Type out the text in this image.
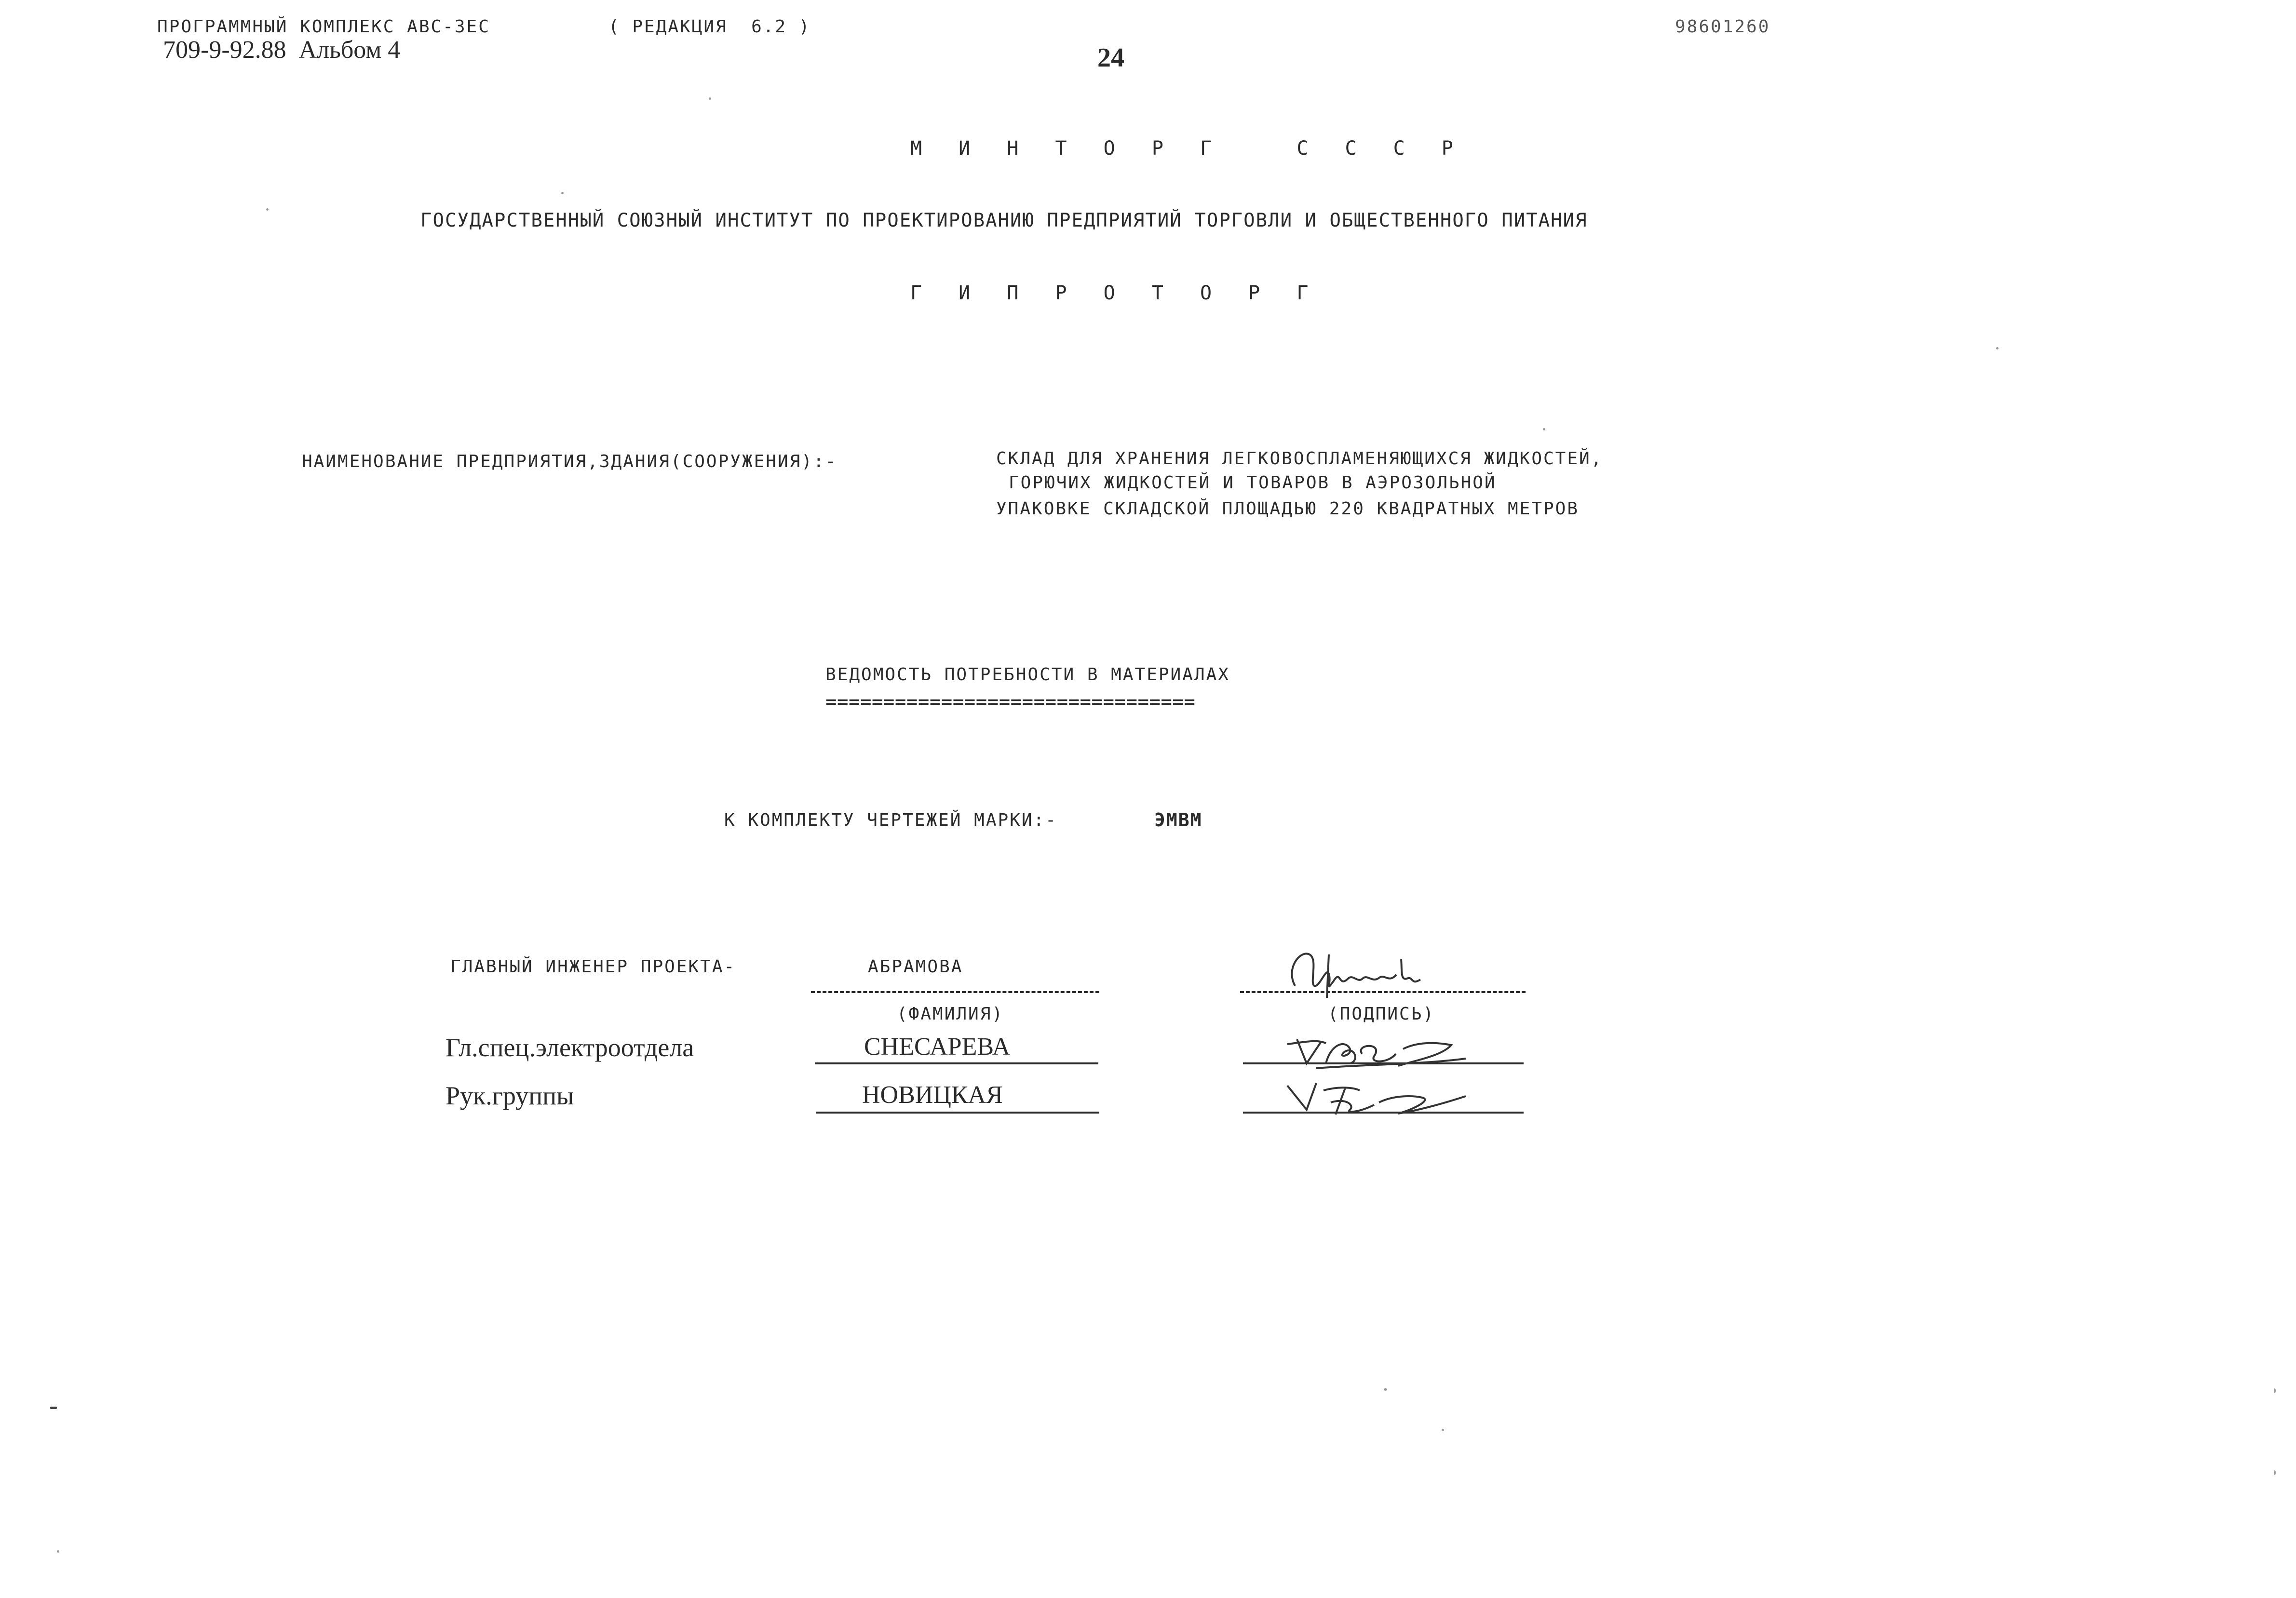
ПРОГРАММНЫЙ КОМПЛЕКС АВС-3ЕС	( РЕДАКЦИЯ  6.2 )	98601260
709-9-92.88  Альбом 4	24
М И Н Т О Р Г   С С С Р
ГОСУДАРСТВЕННЫЙ СОЮЗНЫЙ ИНСТИТУТ ПО ПРОЕКТИРОВАНИЮ ПРЕДПРИЯТИЙ ТОРГОВЛИ И ОБЩЕСТВЕННОГО ПИТАНИЯ
Г И П Р О Т О Р Г
НАИМЕНОВАНИЕ ПРЕДПРИЯТИЯ,ЗДАНИЯ(СООРУЖЕНИЯ):-	СКЛАД ДЛЯ ХРАНЕНИЯ ЛЕГКОВОСПЛАМЕНЯЮЩИХСЯ ЖИДКОСТЕЙ,
ГОРЮЧИХ ЖИДКОСТЕЙ И ТОВАРОВ В АЭРОЗОЛЬНОЙ
УПАКОВКЕ СКЛАДСКОЙ ПЛОЩАДЬЮ 220 КВАДРАТНЫХ МЕТРОВ
ВЕДОМОСТЬ ПОТРЕБНОСТИ В МАТЕРИАЛАХ
================================
К КОМПЛЕКТУ ЧЕРТЕЖЕЙ МАРКИ:-	ЭМВМ
ГЛАВНЫЙ ИНЖЕНЕР ПРОЕКТА-	АБРАМОВА
(ФАМИЛИЯ)	(ПОДПИСЬ)
Гл.спец.электроотдела	СНЕСАРЕВА
Рук.группы	НОВИЦКАЯ
